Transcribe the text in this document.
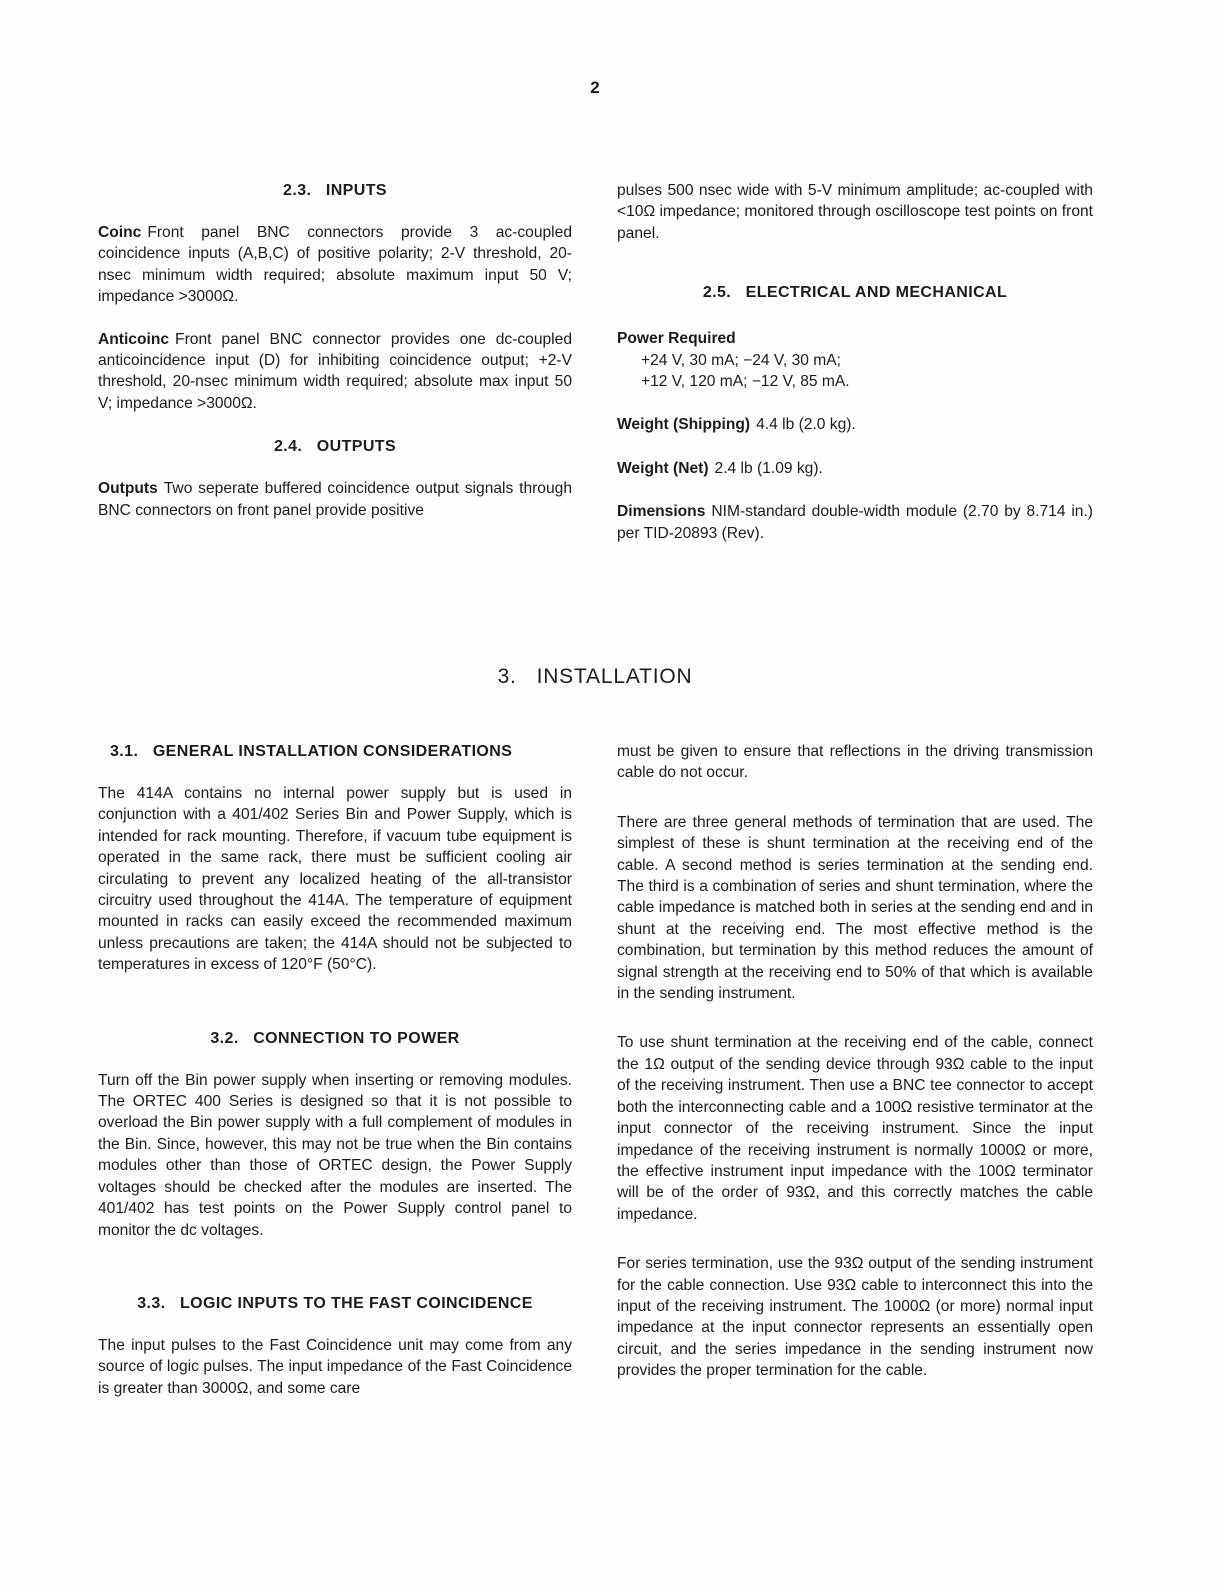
2
2.3.   INPUTS

Coinc Front panel BNC connectors provide 3 ac-coupled coincidence inputs (A,B,C) of positive polarity; 2-V threshold, 20-nsec minimum width required; absolute maximum input 50 V; impedance >3000Ω.

Anticoinc Front panel BNC connector provides one dc-coupled anticoincidence input (D) for inhibiting coincidence output; +2-V threshold, 20-nsec minimum width required; absolute max input 50 V; impedance >3000Ω.

2.4.   OUTPUTS

Outputs Two seperate buffered coincidence output signals through BNC connectors on front panel provide positive

pulses 500 nsec wide with 5-V minimum amplitude; ac-coupled with <10Ω impedance; monitored through oscilloscope test points on front panel.

2.5.   ELECTRICAL AND MECHANICAL
Power Required
+24 V, 30 mA; −24 V, 30 mA;
+12 V, 120 mA; −12 V, 85 mA.

Weight (Shipping) 4.4 lb (2.0 kg).

Weight (Net) 2.4 lb (1.09 kg).

Dimensions NIM-standard double-width module (2.70 by 8.714 in.) per TID-20893 (Rev).

3.   INSTALLATION
3.1.   GENERAL INSTALLATION CONSIDERATIONS

The 414A contains no internal power supply but is used in conjunction with a 401/402 Series Bin and Power Supply, which is intended for rack mounting. Therefore, if vacuum tube equipment is operated in the same rack, there must be sufficient cooling air circulating to prevent any localized heating of the all-transistor circuitry used throughout the 414A. The temperature of equipment mounted in racks can easily exceed the recommended maximum unless precautions are taken; the 414A should not be subjected to temperatures in excess of 120°F (50°C).

3.2.   CONNECTION TO POWER

Turn off the Bin power supply when inserting or removing modules. The ORTEC 400 Series is designed so that it is not possible to overload the Bin power supply with a full complement of modules in the Bin. Since, however, this may not be true when the Bin contains modules other than those of ORTEC design, the Power Supply voltages should be checked after the modules are inserted. The 401/402 has test points on the Power Supply control panel to monitor the dc voltages.

3.3.   LOGIC INPUTS TO THE FAST COINCIDENCE

The input pulses to the Fast Coincidence unit may come from any source of logic pulses. The input impedance of the Fast Coincidence is greater than 3000Ω, and some care

must be given to ensure that reflections in the driving transmission cable do not occur.

There are three general methods of termination that are used. The simplest of these is shunt termination at the receiving end of the cable. A second method is series termination at the sending end. The third is a combination of series and shunt termination, where the cable impedance is matched both in series at the sending end and in shunt at the receiving end. The most effective method is the combination, but termination by this method reduces the amount of signal strength at the receiving end to 50% of that which is available in the sending instrument.

To use shunt termination at the receiving end of the cable, connect the 1Ω output of the sending device through 93Ω cable to the input of the receiving instrument. Then use a BNC tee connector to accept both the interconnecting cable and a 100Ω resistive terminator at the input connector of the receiving instrument. Since the input impedance of the receiving instrument is normally 1000Ω or more, the effective instrument input impedance with the 100Ω terminator will be of the order of 93Ω, and this correctly matches the cable impedance.

For series termination, use the 93Ω output of the sending instrument for the cable connection. Use 93Ω cable to interconnect this into the input of the receiving instrument. The 1000Ω (or more) normal input impedance at the input connector represents an essentially open circuit, and the series impedance in the sending instrument now provides the proper termination for the cable.
